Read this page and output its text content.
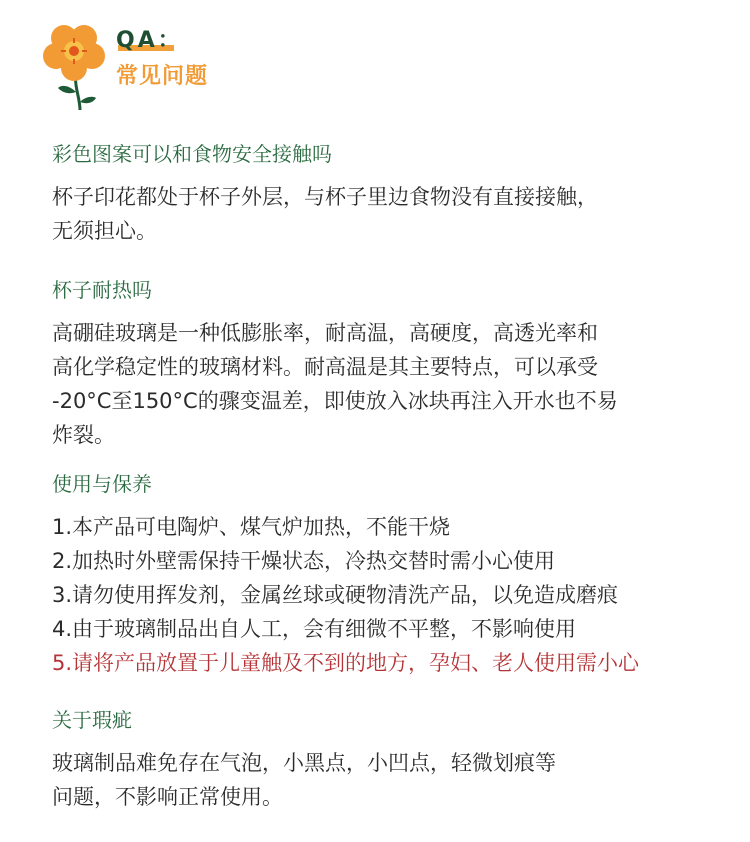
QA：
常见问题
彩色图案可以和食物安全接触吗

杯子印花都处于杯子外层，与杯子里边食物没有直接接触，

无须担心。

杯子耐热吗

高硼硅玻璃是一种低膨胀率，耐高温，高硬度，高透光率和

高化学稳定性的玻璃材料。耐高温是其主要特点，可以承受

-20°C至150°C的骤变温差，即使放入冰块再注入开水也不易

炸裂。

使用与保养

1.本产品可电陶炉、煤气炉加热，不能干烧

2.加热时外壁需保持干燥状态，冷热交替时需小心使用

3.请勿使用挥发剂，金属丝球或硬物清洗产品，以免造成磨痕

4.由于玻璃制品出自人工，会有细微不平整，不影响使用

5.请将产品放置于儿童触及不到的地方，孕妇、老人使用需小心

关于瑕疵

玻璃制品难免存在气泡，小黑点，小凹点，轻微划痕等

问题，不影响正常使用。
